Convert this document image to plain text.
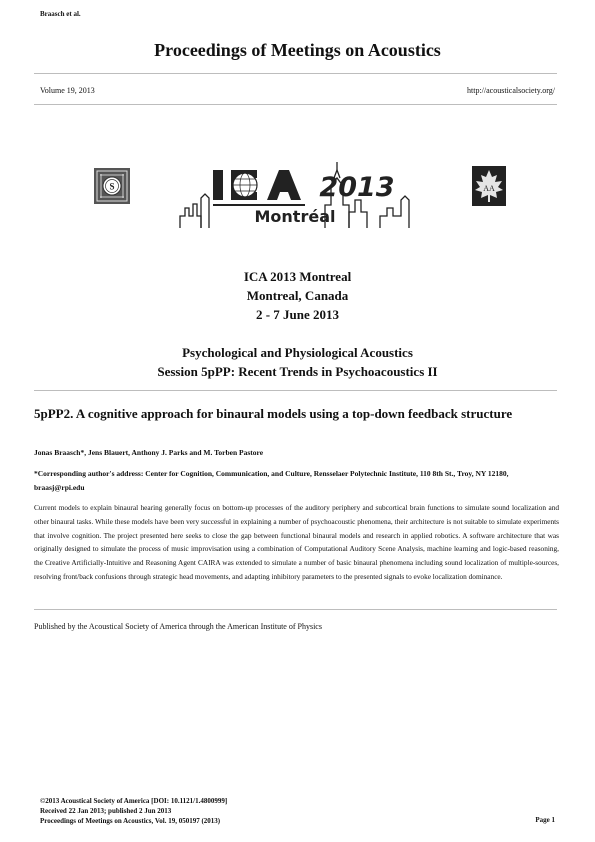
Braasch et al.
Proceedings of Meetings on Acoustics
Volume 19, 2013	http://acousticalsociety.org/
S	2013
Montréal
AA
ICA 2013 Montreal
Montreal, Canada
2 - 7 June 2013
Psychological and Physiological Acoustics
Session 5pPP: Recent Trends in Psychoacoustics II
5pPP2. A cognitive approach for binaural models using a top-down feedback structure
Jonas Braasch*, Jens Blauert, Anthony J. Parks and M. Torben Pastore
*Corresponding author's address: Center for Cognition, Communication, and Culture, Rensselaer Polytechnic Institute, 110 8th St., Troy, NY 12180, braasj@rpi.edu
Current models to explain binaural hearing generally focus on bottom-up processes of the auditory periphery and subcortical brain functions to simulate sound localization and other binaural tasks. While these models have been very successful in explaining a number of psychoacoustic phenomena, their architecture is not suitable to simulate experiments that involve cognition. The project presented here seeks to close the gap between functional binaural models and research in applied robotics. A software architecture that was originally designed to simulate the process of music improvisation using a combination of Computational Auditory Scene Analysis, machine learning and logic-based reasoning, the Creative Artificially-Intuitive and Reasoning Agent CAIRA was extended to simulate a number of basic binaural phenomena including sound localization of multiple-sources, resolving front/back confusions through strategic head movements, and adapting inhibitory parameters to the presented signals to evoke localization dominance.
Published by the Acoustical Society of America through the American Institute of Physics
©2013 Acoustical Society of America [DOI: 10.1121/1.4800999]
Received 22 Jan 2013; published 2 Jun 2013
Proceedings of Meetings on Acoustics, Vol. 19, 050197 (2013)	Page 1
